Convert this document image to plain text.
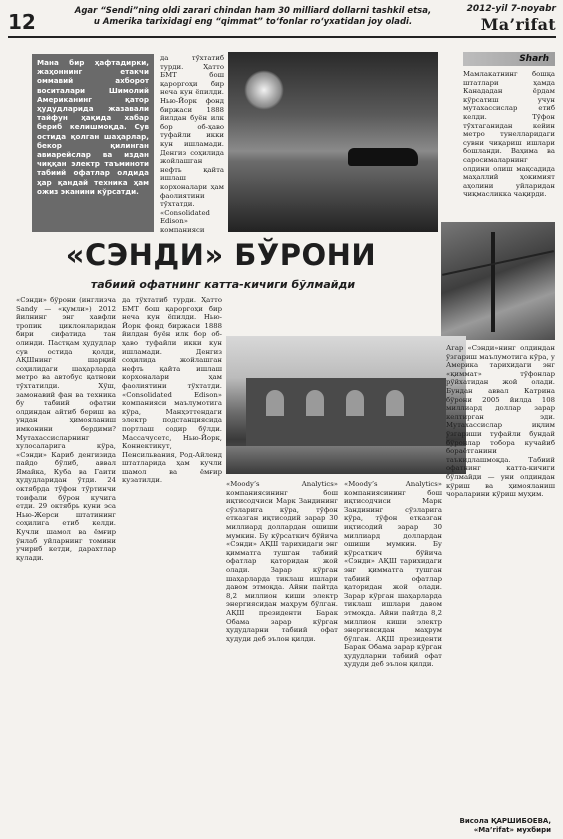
12	Agar “Sendi”ning oldi zarari chindan ham 30 milliard dollarni tashkil etsa,
u Amerika tarixidagi eng “qimmat” to‘fonlar ro‘yxatidan joy oladi.
2012-yil 7-noyabr
Ma’rifat
Мана бир ҳафтадирки, жаҳоннинг етакчи оммавий ахборот воситалари Шимолий Американинг қатор ҳудудларида жазавали тайфун ҳақида хабар бериб келишмоқда. Сув остида қолган шаҳарлар, бекор қилинган авиарейслар ва издан чиққан электр таъминоти табиий офатлар олдида ҳар қандай техника ҳам ожиз эканини кўрсатди.
да тўхтатиб турди. Ҳатто БМТ бош қароргоҳи бир неча кун ёпилди. Нью-Йорк фонд биржаси 1888 йилдан буён илк бор об-ҳаво туфайли икки кун ишламади. Денгиз соҳилида жойлашган нефть қайта ишлаш корхоналари ҳам фаолиятини тўхтатди. «Consolidated Edison» компанияси
Sharh
Мамлакатнинг бошқа штатлари ҳамда Канададан ёрдам кўрсатиш учун мутахассислар етиб келди. Тўфон тўхтаганидан кейин метро тунелларидаги сувни чиқариш ишлари бошланди. Ваҳима ва саросималарнинг олдини олиш мақсадида маҳаллий ҳокимият аҳолини уйларидан чиқмасликка чақирди.
«СЭНДИ» БЎРОНИ
табиий офатнинг катта-кичиги бўлмайди
«Сэнди» бўрони (инглизча Sandy — «қумли») 2012 йилнинг энг хавфли тропик циклонларидан бири сифатида тан олинди. Пастқам ҳудудлар сув остида қолди, АҚШнинг шарқий соҳилидаги шаҳарларда метро ва автобус қатнови тўхтатилди. Хўш, замонавий фан ва техника бу табиий офатни олдиндан айтиб бериш ва ундан ҳимояланиш имконини бердими? Мутахассисларнинг хулосаларига кўра, «Сэнди» Кариб денгизида пайдо бўлиб, аввал Ямайка, Куба ва Гаити ҳудудларидан ўтди. 24 октябрда тўфон тўртинчи тоифали бўрон кучига етди. 29 октябрь куни эса Нью-Жерси штатининг соҳилига етиб келди. Кучли шамол ва ёмғир ўнлаб уйларнинг томини учириб кетди, дарахтлар қулади.
да тўхтатиб турди. Ҳатто БМТ бош қароргоҳи бир неча кун ёпилди. Нью-Йорк фонд биржаси 1888 йилдан буён илк бор об-ҳаво туфайли икки кун ишламади. Денгиз соҳилида жойлашган нефть қайта ишлаш корхоналари ҳам фаолиятини тўхтатди. «Consolidated Edison» компанияси маълумотига кўра, Манҳэттендаги электр подстанциясида портлаш содир бўлди. Массачусетс, Нью-Йорк, Коннектикут, Пенсильвания, Род-Айленд штатларида ҳам кучли шамол ва ёмғир кузатилди.	«Moody’s Analytics» компаниясининг бош иқтисодчиси Марк Зандининг сўзларига кўра, тўфон етказган иқтисодий зарар 30 миллиард доллардан ошиши мумкин. Бу кўрсаткич бўйича «Сэнди» АҚШ тарихидаги энг қимматга тушган табиий офатлар қаторидан жой олади. Зарар кўрган шаҳарларда тиклаш ишлари давом этмоқда. Айни пайтда 8,2 миллион киши электр энергиясидан маҳрум бўлган. АҚШ президенти Барак Обама зарар кўрган ҳудудларни табиий офат ҳудуди деб эълон қилди.
«Moody’s Analytics» компаниясининг бош иқтисодчиси Марк Зандининг сўзларига кўра, тўфон етказган иқтисодий зарар 30 миллиард доллардан ошиши мумкин. Бу кўрсаткич бўйича «Сэнди» АҚШ тарихидаги энг қимматга тушган табиий офатлар қаторидан жой олади. Зарар кўрган шаҳарларда тиклаш ишлари давом этмоқда. Айни пайтда 8,2 миллион киши электр энергиясидан маҳрум бўлган. АҚШ президенти Барак Обама зарар кўрган ҳудудларни табиий офат ҳудуди деб эълон қилди.
Агар «Сэнди»нинг олдиндан ўзгариш маълумотига кўра, у Америка тарихидаги энг «қиммат» тўфонлар рўйхатидан жой олади. Бундан аввал Катрина бўрони 2005 йилда 108 миллиард доллар зарар келтирган эди. Мутахассислар иқлим ўзгариши туфайли бундай бўронлар тобора кучайиб бораётганини таъкидлашмоқда. Табиий офатнинг катта-кичиги бўлмайди — уни олдиндан кўриш ва ҳимояланиш чораларини кўриш муҳим.
Висола ҚАРШИБОЕВА,
«Ma’rifat» мухбири
